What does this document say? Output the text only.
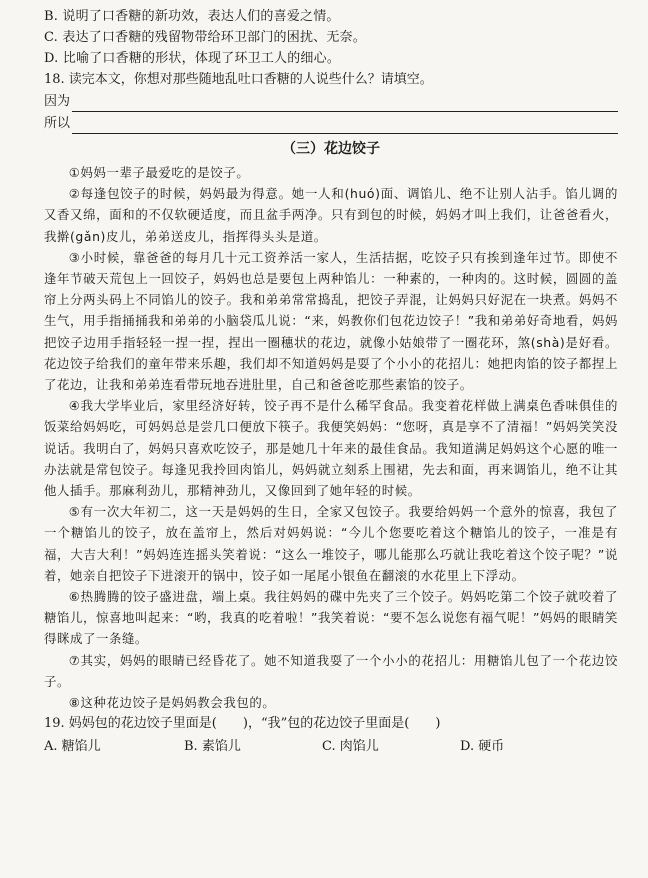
B. 说明了口香糖的新功效，表达人们的喜爱之情。
C. 表达了口香糖的残留物带给环卫部门的困扰、无奈。
D. 比喻了口香糖的形状，体现了环卫工人的细心。
18. 读完本文，你想对那些随地乱吐口香糖的人说些什么？请填空。
因为
所以
（三）花边饺子

①妈妈一辈子最爱吃的是饺子。

②每逢包饺子的时候，妈妈最为得意。她一人和(huó)面、调馅儿、绝不让别人沾手。馅儿调的又香又绵，面和的不仅软硬适度，而且盆手两净。只有到包的时候，妈妈才叫上我们，让爸爸看火，我擀(gǎn)皮儿，弟弟送皮儿，指挥得头头是道。

③小时候，靠爸爸的每月几十元工资养活一家人，生活拮据，吃饺子只有挨到逢年过节。即使不逢年节破天荒包上一回饺子，妈妈也总是要包上两种馅儿：一种素的，一种肉的。这时候，圆圆的盖帘上分两头码上不同馅儿的饺子。我和弟弟常常捣乱，把饺子弄混，让妈妈只好泥在一块煮。妈妈不生气，用手指捅捅我和弟弟的小脑袋瓜儿说：“来，妈教你们包花边饺子！”我和弟弟好奇地看，妈妈把饺子边用手指轻轻一捏一捏，捏出一圈穗状的花边，就像小姑娘带了一圈花环，煞(shà)是好看。花边饺子给我们的童年带来乐趣，我们却不知道妈妈是耍了个小小的花招儿：她把肉馅的饺子都捏上了花边，让我和弟弟连看带玩地吞进肚里，自己和爸爸吃那些素馅的饺子。

④我大学毕业后，家里经济好转，饺子再不是什么稀罕食品。我变着花样做上满桌色香味俱佳的饭菜给妈妈吃，可妈妈总是尝几口便放下筷子。我便笑妈妈：“您呀，真是享不了清福！”妈妈笑笑没说话。我明白了，妈妈只喜欢吃饺子，那是她几十年来的最佳食品。我知道满足妈妈这个心愿的唯一办法就是常包饺子。每逢见我拎回肉馅儿，妈妈就立刻系上围裙，先去和面，再来调馅儿，绝不让其他人插手。那麻利劲儿，那精神劲儿，又像回到了她年轻的时候。

⑤有一次大年初二，这一天是妈妈的生日，全家又包饺子。我要给妈妈一个意外的惊喜，我包了一个糖馅儿的饺子，放在盖帘上，然后对妈妈说：“今儿个您要吃着这个糖馅儿的饺子，一准是有福，大吉大利！”妈妈连连摇头笑着说：“这么一堆饺子，哪儿能那么巧就让我吃着这个饺子呢？”说着，她亲自把饺子下进滚开的锅中，饺子如一尾尾小银鱼在翻滚的水花里上下浮动。

⑥热腾腾的饺子盛进盘，端上桌。我往妈妈的碟中先夹了三个饺子。妈妈吃第二个饺子就咬着了糖馅儿，惊喜地叫起来：“哟，我真的吃着啦！”我笑着说：“要不怎么说您有福气呢！”妈妈的眼睛笑得眯成了一条缝。

⑦其实，妈妈的眼睛已经昏花了。她不知道我耍了一个小小的花招儿：用糖馅儿包了一个花边饺子。

⑧这种花边饺子是妈妈教会我包的。

19. 妈妈包的花边饺子里面是(　　)，“我”包的花边饺子里面是(　　)
A. 糖馅儿	B. 素馅儿	C. 肉馅儿	D. 硬币
